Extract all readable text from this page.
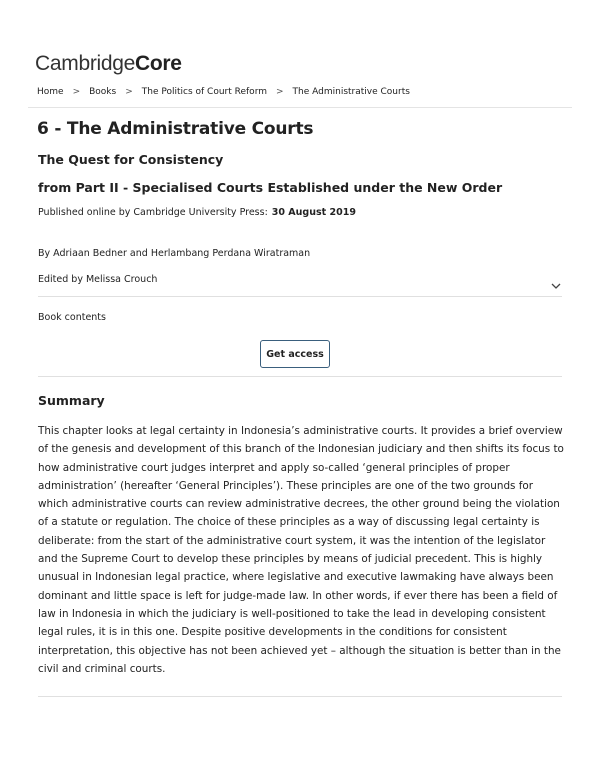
CambridgeCore
Home > Books > The Politics of Court Reform > The Administrative Courts
6 - The Administrative Courts
The Quest for Consistency
from Part II - Specialised Courts Established under the New Order

Published online by Cambridge University Press: 30 August 2019

By Adriaan Bedner and Herlambang Perdana Wiratraman

Edited by Melissa Crouch

Book contents

Get access
Summary

This chapter looks at legal certainty in Indonesia’s administrative courts. It provides a brief overview of the genesis and development of this branch of the Indonesian judiciary and then shifts its focus to how administrative court judges interpret and apply so-called ‘general principles of proper administration’ (hereafter ‘General Principles’). These principles are one of the two grounds for which administrative courts can review administrative decrees, the other ground being the violation of a statute or regulation. The choice of these principles as a way of discussing legal certainty is deliberate: from the start of the administrative court system, it was the intention of the legislator and the Supreme Court to develop these principles by means of judicial precedent. This is highly unusual in Indonesian legal practice, where legislative and executive lawmaking have always been dominant and little space is left for judge-made law. In other words, if ever there has been a field of law in Indonesia in which the judiciary is well-positioned to take the lead in developing consistent legal rules, it is in this one. Despite positive developments in the conditions for consistent interpretation, this objective has not been achieved yet – although the situation is better than in the civil and criminal courts.
